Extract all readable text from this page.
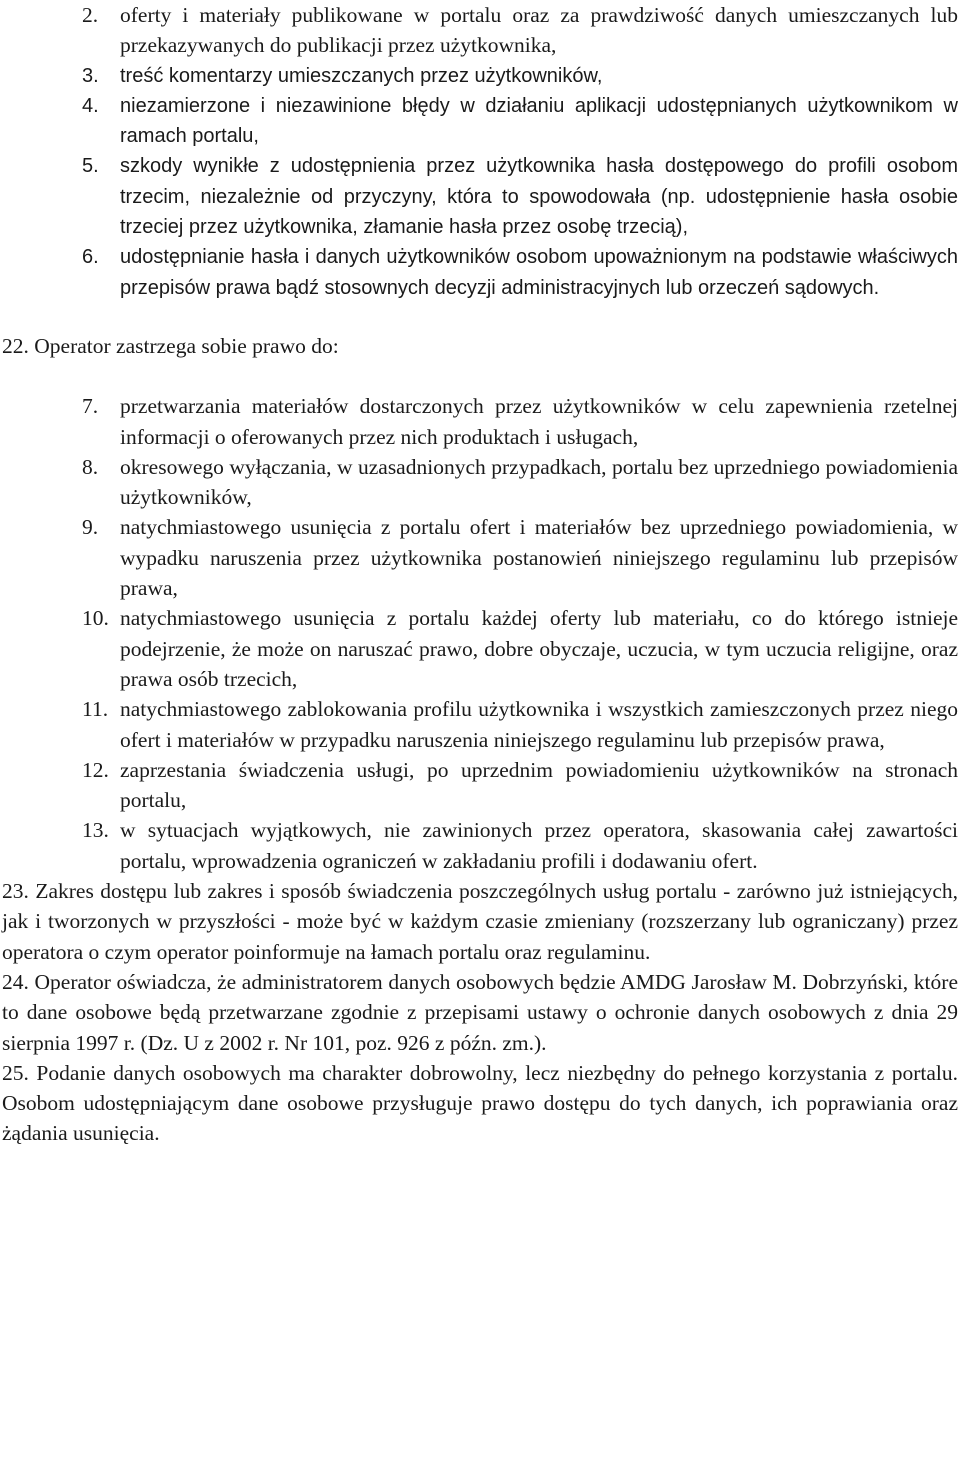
2.	oferty i materiały publikowane w portalu oraz za prawdziwość danych umieszczanych lub przekazywanych do publikacji przez użytkownika,
3.	treść komentarzy umieszczanych przez użytkowników,
4.	niezamierzone i niezawinione błędy w działaniu aplikacji udostępnianych użytkownikom w ramach portalu,
5.	szkody wynikłe z udostępnienia przez użytkownika hasła dostępowego do profili osobom trzecim, niezależnie od przyczyny, która to spowodowała (np. udostępnienie hasła osobie trzeciej przez użytkownika, złamanie hasła przez osobę trzecią),
6.	udostępnianie hasła i danych użytkowników osobom upoważnionym na podstawie właściwych przepisów prawa bądź stosownych decyzji administracyjnych lub orzeczeń sądowych.
22. Operator zastrzega sobie prawo do:
7.	przetwarzania materiałów dostarczonych przez użytkowników w celu zapewnienia rzetelnej informacji o oferowanych przez nich produktach i usługach,
8.	okresowego wyłączania, w uzasadnionych przypadkach, portalu bez uprzedniego powiadomienia użytkowników,
9.	natychmiastowego usunięcia z portalu ofert i materiałów bez uprzedniego powiadomienia, w wypadku naruszenia przez użytkownika postanowień niniejszego regulaminu lub przepisów prawa,
10. natychmiastowego usunięcia z portalu każdej oferty lub materiału, co do którego istnieje podejrzenie, że może on naruszać prawo, dobre obyczaje, uczucia, w tym uczucia religijne, oraz prawa osób trzecich,
11. natychmiastowego zablokowania profilu użytkownika i wszystkich zamieszczonych przez niego ofert i materiałów w przypadku naruszenia niniejszego regulaminu lub przepisów prawa,
12. zaprzestania świadczenia usługi, po uprzednim powiadomieniu użytkowników na stronach portalu,
13. w sytuacjach wyjątkowych, nie zawinionych przez operatora, skasowania całej zawartości portalu, wprowadzenia ograniczeń w zakładaniu profili i dodawaniu ofert.

23. Zakres dostępu lub zakres i sposób świadczenia poszczególnych usług portalu - zarówno już istniejących, jak i tworzonych w przyszłości - może być w każdym czasie zmieniany (rozszerzany lub ograniczany) przez operatora o czym operator poinformuje na łamach portalu oraz regulaminu.

24. Operator oświadcza, że administratorem danych osobowych będzie AMDG Jarosław M. Dobrzyński, które to dane osobowe będą przetwarzane zgodnie z przepisami ustawy o ochronie danych osobowych z dnia 29 sierpnia 1997 r. (Dz. U z 2002 r. Nr 101, poz. 926 z późn. zm.).

25. Podanie danych osobowych ma charakter dobrowolny, lecz niezbędny do pełnego korzystania z portalu. Osobom udostępniającym dane osobowe przysługuje prawo dostępu do tych danych, ich poprawiania oraz żądania usunięcia.
